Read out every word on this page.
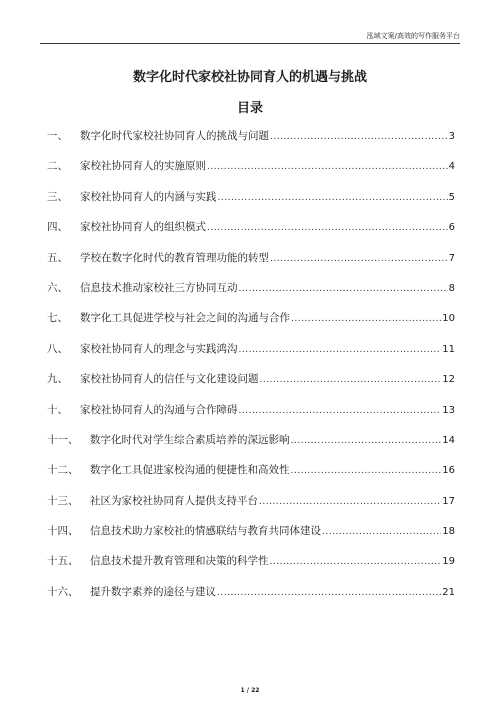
泓域文案/高效的写作服务平台
数字化时代家校社协同育人的机遇与挑战
目录
一、	数字化时代家校社协同育人的挑战与问题 .....	3
二、	家校社协同育人的实施原则 .....	4
三、	家校社协同育人的内涵与实践 .....	5
四、	家校社协同育人的组织模式 .....	6
五、	学校在数字化时代的教育管理功能的转型 .....	7
六、	信息技术推动家校社三方协同互动 .....	8
七、	数字化工具促进学校与社会之间的沟通与合作 .....	10
八、	家校社协同育人的理念与实践鸿沟 .....	11
九、	家校社协同育人的信任与文化建设问题 .....	12
十、	家校社协同育人的沟通与合作障碍 .....	13
十一、	数字化时代对学生综合素质培养的深远影响 .....	14
十二、	数字化工具促进家校沟通的便捷性和高效性 .....	16
十三、	社区为家校社协同育人提供支持平台 .....	17
十四、	信息技术助力家校社的情感联结与教育共同体建设 .....	18
十五、	信息技术提升教育管理和决策的科学性 .....	19
十六、	提升数字素养的途径与建议 .....	21
1 / 22
